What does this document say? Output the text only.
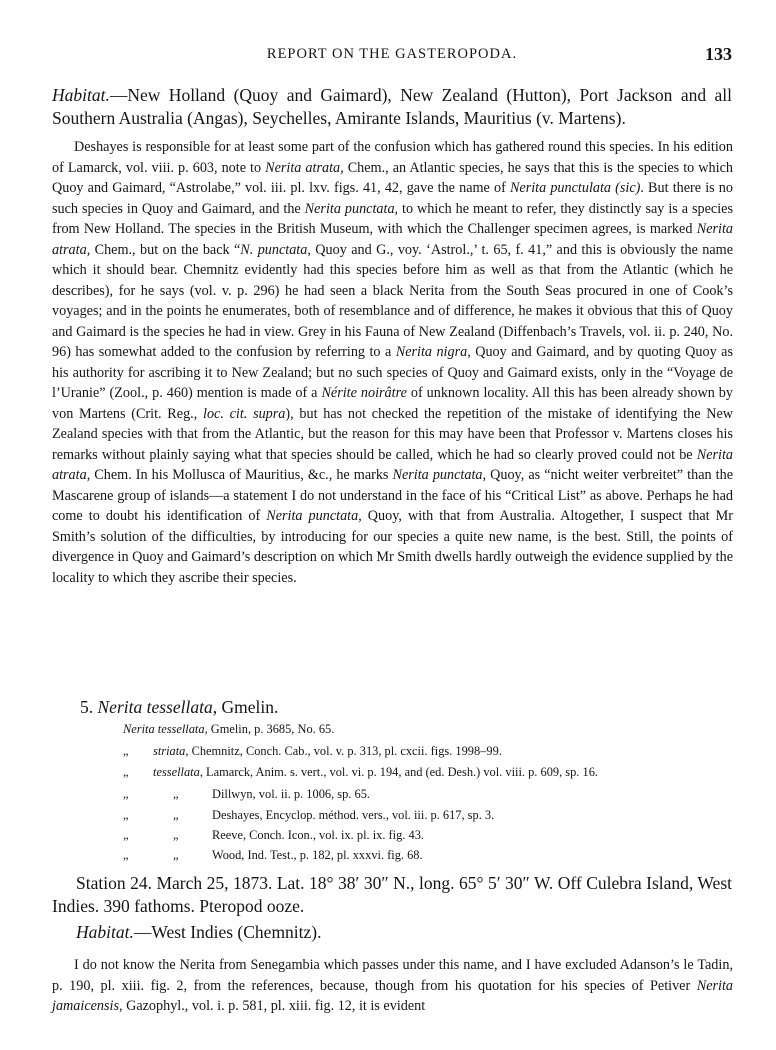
REPORT ON THE GASTEROPODA.	133
Habitat.—New Holland (Quoy and Gaimard), New Zealand (Hutton), Port Jackson and all Southern Australia (Angas), Seychelles, Amirante Islands, Mauritius (v. Martens).
Deshayes is responsible for at least some part of the confusion which has gathered round this species. In his edition of Lamarck, vol. viii. p. 603, note to Nerita atrata, Chem., an Atlantic species, he says that this is the species to which Quoy and Gaimard, “Astrolabe,” vol. iii. pl. lxv. figs. 41, 42, gave the name of Nerita punctulata (sic). But there is no such species in Quoy and Gaimard, and the Nerita punctata, to which he meant to refer, they distinctly say is a species from New Holland. The species in the British Museum, with which the Challenger specimen agrees, is marked Nerita atrata, Chem., but on the back “N. punctata, Quoy and G., voy. ‘Astrol.,’ t. 65, f. 41,” and this is obviously the name which it should bear. Chemnitz evidently had this species before him as well as that from the Atlantic (which he describes), for he says (vol. v. p. 296) he had seen a black Nerita from the South Seas procured in one of Cook’s voyages; and in the points he enumerates, both of resemblance and of difference, he makes it obvious that this of Quoy and Gaimard is the species he had in view. Grey in his Fauna of New Zealand (Diffenbach’s Travels, vol. ii. p. 240, No. 96) has somewhat added to the confusion by referring to a Nerita nigra, Quoy and Gaimard, and by quoting Quoy as his authority for ascribing it to New Zealand; but no such species of Quoy and Gaimard exists, only in the “Voyage de l’Uranie” (Zool., p. 460) mention is made of a Nérite noirâtre of unknown locality. All this has been already shown by von Martens (Crit. Reg., loc. cit. supra), but has not checked the repetition of the mistake of identifying the New Zealand species with that from the Atlantic, but the reason for this may have been that Professor v. Martens closes his remarks without plainly saying what that species should be called, which he had so clearly proved could not be Nerita atrata, Chem. In his Mollusca of Mauritius, &c., he marks Nerita punctata, Quoy, as “nicht weiter verbreitet” than the Mascarene group of islands—a statement I do not understand in the face of his “Critical List” as above. Perhaps he had come to doubt his identification of Nerita punctata, Quoy, with that from Australia. Altogether, I suspect that Mr Smith’s solution of the difficulties, by introducing for our species a quite new name, is the best. Still, the points of divergence in Quoy and Gaimard’s description on which Mr Smith dwells hardly outweigh the evidence supplied by the locality to which they ascribe their species.
5. Nerita tessellata, Gmelin.
Nerita tessellata, Gmelin, p. 3685, No. 65.
„ striata, Chemnitz, Conch. Cab., vol. v. p. 313, pl. cxcii. figs. 1998–99.
„ tessellata, Lamarck, Anim. s. vert., vol. vi. p. 194, and (ed. Desh.) vol. viii. p. 609, sp. 16.
„	„	Dillwyn, vol. ii. p. 1006, sp. 65.
„	„	Deshayes, Encyclop. méthod. vers., vol. iii. p. 617, sp. 3.
„	„	Reeve, Conch. Icon., vol. ix. pl. ix. fig. 43.
„	„	Wood, Ind. Test., p. 182, pl. xxxvi. fig. 68.
Station 24. March 25, 1873. Lat. 18° 38′ 30″ N., long. 65° 5′ 30″ W. Off Culebra Island, West Indies. 390 fathoms. Pteropod ooze.
Habitat.—West Indies (Chemnitz).
I do not know the Nerita from Senegambia which passes under this name, and I have excluded Adanson’s le Tadin, p. 190, pl. xiii. fig. 2, from the references, because, though from his quotation for his species of Petiver Nerita jamaicensis, Gazophyl., vol. i. p. 581, pl. xiii. fig. 12, it is evident
